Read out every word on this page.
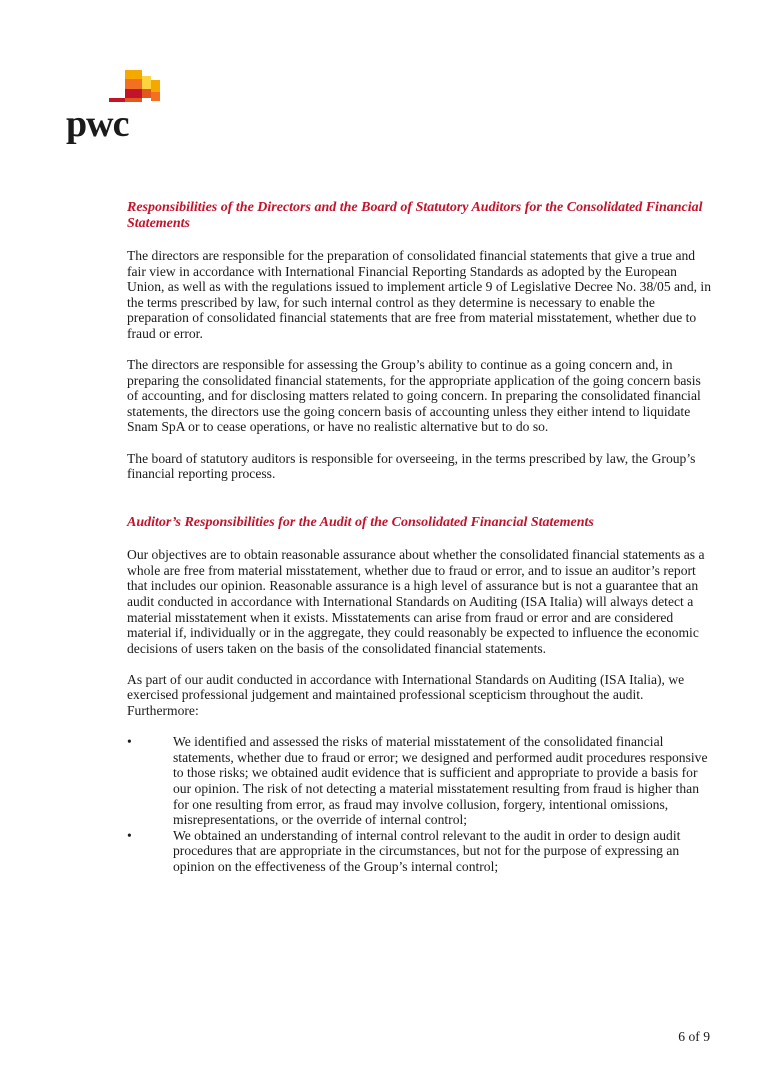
pwc
Responsibilities of the Directors and the Board of Statutory Auditors for the Consolidated Financial Statements

The directors are responsible for the preparation of consolidated financial statements that give a true and fair view in accordance with International Financial Reporting Standards as adopted by the European Union, as well as with the regulations issued to implement article 9 of Legislative Decree No. 38/05 and, in the terms prescribed by law, for such internal control as they determine is necessary to enable the preparation of consolidated financial statements that are free from material misstatement, whether due to fraud or error.

The directors are responsible for assessing the Group’s ability to continue as a going concern and, in preparing the consolidated financial statements, for the appropriate application of the going concern basis of accounting, and for disclosing matters related to going concern. In preparing the consolidated financial statements, the directors use the going concern basis of accounting unless they either intend to liquidate Snam SpA or to cease operations, or have no realistic alternative but to do so.

The board of statutory auditors is responsible for overseeing, in the terms prescribed by law, the Group’s financial reporting process.

Auditor’s Responsibilities for the Audit of the Consolidated Financial Statements

Our objectives are to obtain reasonable assurance about whether the consolidated financial statements as a whole are free from material misstatement, whether due to fraud or error, and to issue an auditor’s report that includes our opinion. Reasonable assurance is a high level of assurance but is not a guarantee that an audit conducted in accordance with International Standards on Auditing (ISA Italia) will always detect a material misstatement when it exists. Misstatements can arise from fraud or error and are considered material if, individually or in the aggregate, they could reasonably be expected to influence the economic decisions of users taken on the basis of the consolidated financial statements.

As part of our audit conducted in accordance with International Standards on Auditing (ISA Italia), we exercised professional judgement and maintained professional scepticism throughout the audit. Furthermore:

•	We identified and assessed the risks of material misstatement of the consolidated financial statements, whether due to fraud or error; we designed and performed audit procedures responsive to those risks; we obtained audit evidence that is sufficient and appropriate to provide a basis for our opinion. The risk of not detecting a material misstatement resulting from fraud is higher than for one resulting from error, as fraud may involve collusion, forgery, intentional omissions, misrepresentations, or the override of internal control;
•	We obtained an understanding of internal control relevant to the audit in order to design audit procedures that are appropriate in the circumstances, but not for the purpose of expressing an opinion on the effectiveness of the Group’s internal control;
6 of 9
